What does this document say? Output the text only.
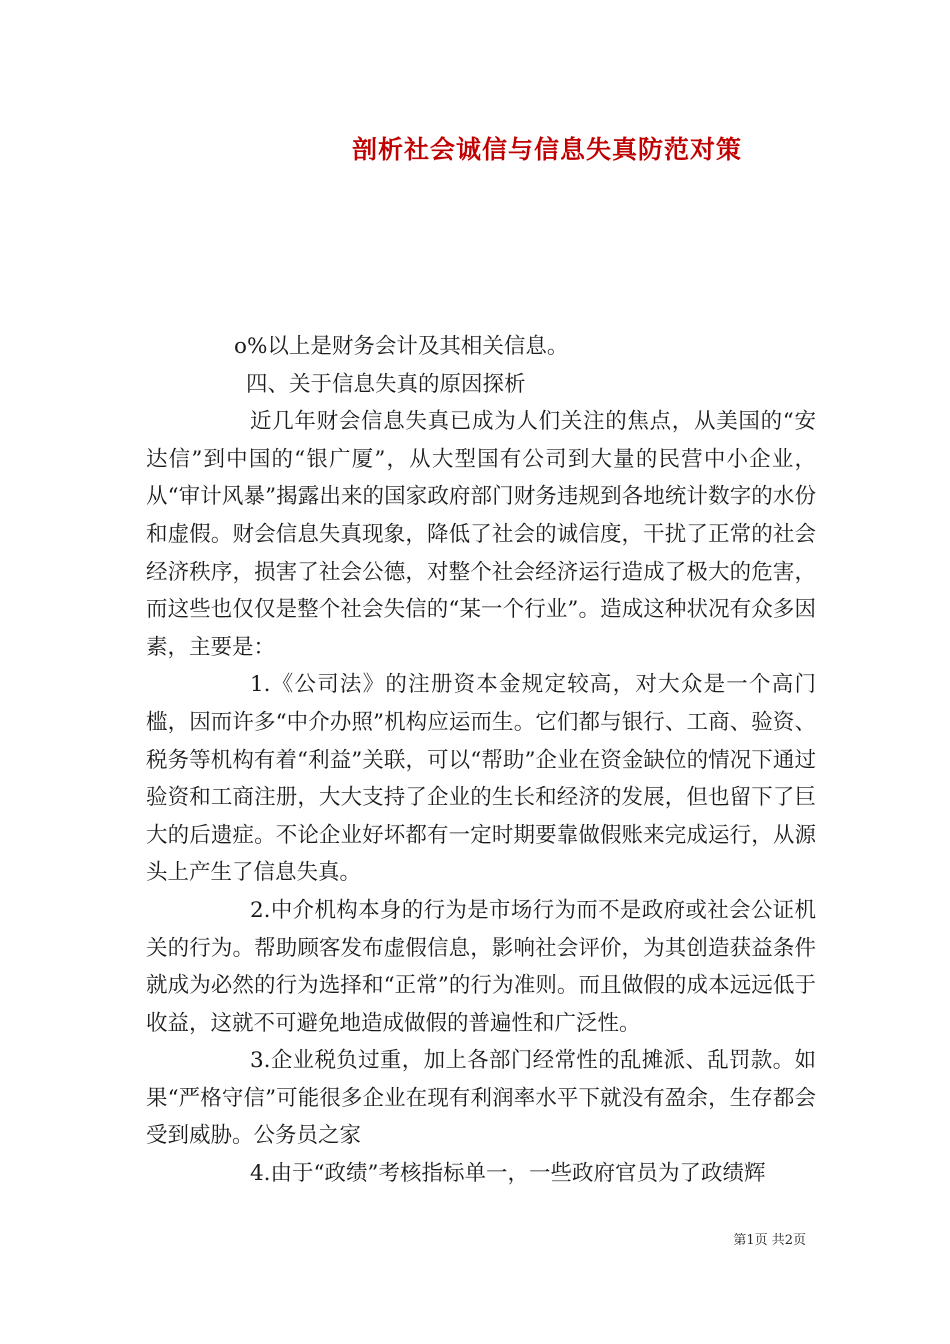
剖析社会诚信与信息失真防范对策

o%以上是财务会计及其相关信息。

四、关于信息失真的原因探析

近几年财会信息失真已成为人们关注的焦点，从美国的“安达信”到中国的“银广厦”，从大型国有公司到大量的民营中小企业，从“审计风暴”揭露出来的国家政府部门财务违规到各地统计数字的水份和虚假。财会信息失真现象，降低了社会的诚信度，干扰了正常的社会经济秩序，损害了社会公德，对整个社会经济运行造成了极大的危害，而这些也仅仅是整个社会失信的“某一个行业”。造成这种状况有众多因素，主要是：

1.《公司法》的注册资本金规定较高，对大众是一个高门槛，因而许多“中介办照”机构应运而生。它们都与银行、工商、验资、税务等机构有着“利益”关联，可以“帮助”企业在资金缺位的情况下通过验资和工商注册，大大支持了企业的生长和经济的发展，但也留下了巨大的后遗症。不论企业好坏都有一定时期要靠做假账来完成运行，从源头上产生了信息失真。

2.中介机构本身的行为是市场行为而不是政府或社会公证机关的行为。帮助顾客发布虚假信息，影响社会评价，为其创造获益条件就成为必然的行为选择和“正常”的行为准则。而且做假的成本远远低于收益，这就不可避免地造成做假的普遍性和广泛性。

3.企业税负过重，加上各部门经常性的乱摊派、乱罚款。如果“严格守信”可能很多企业在现有利润率水平下就没有盈余，生存都会受到威胁。公务员之家

4.由于“政绩”考核指标单一，一些政府官员为了政绩辉

第1页 共2页
